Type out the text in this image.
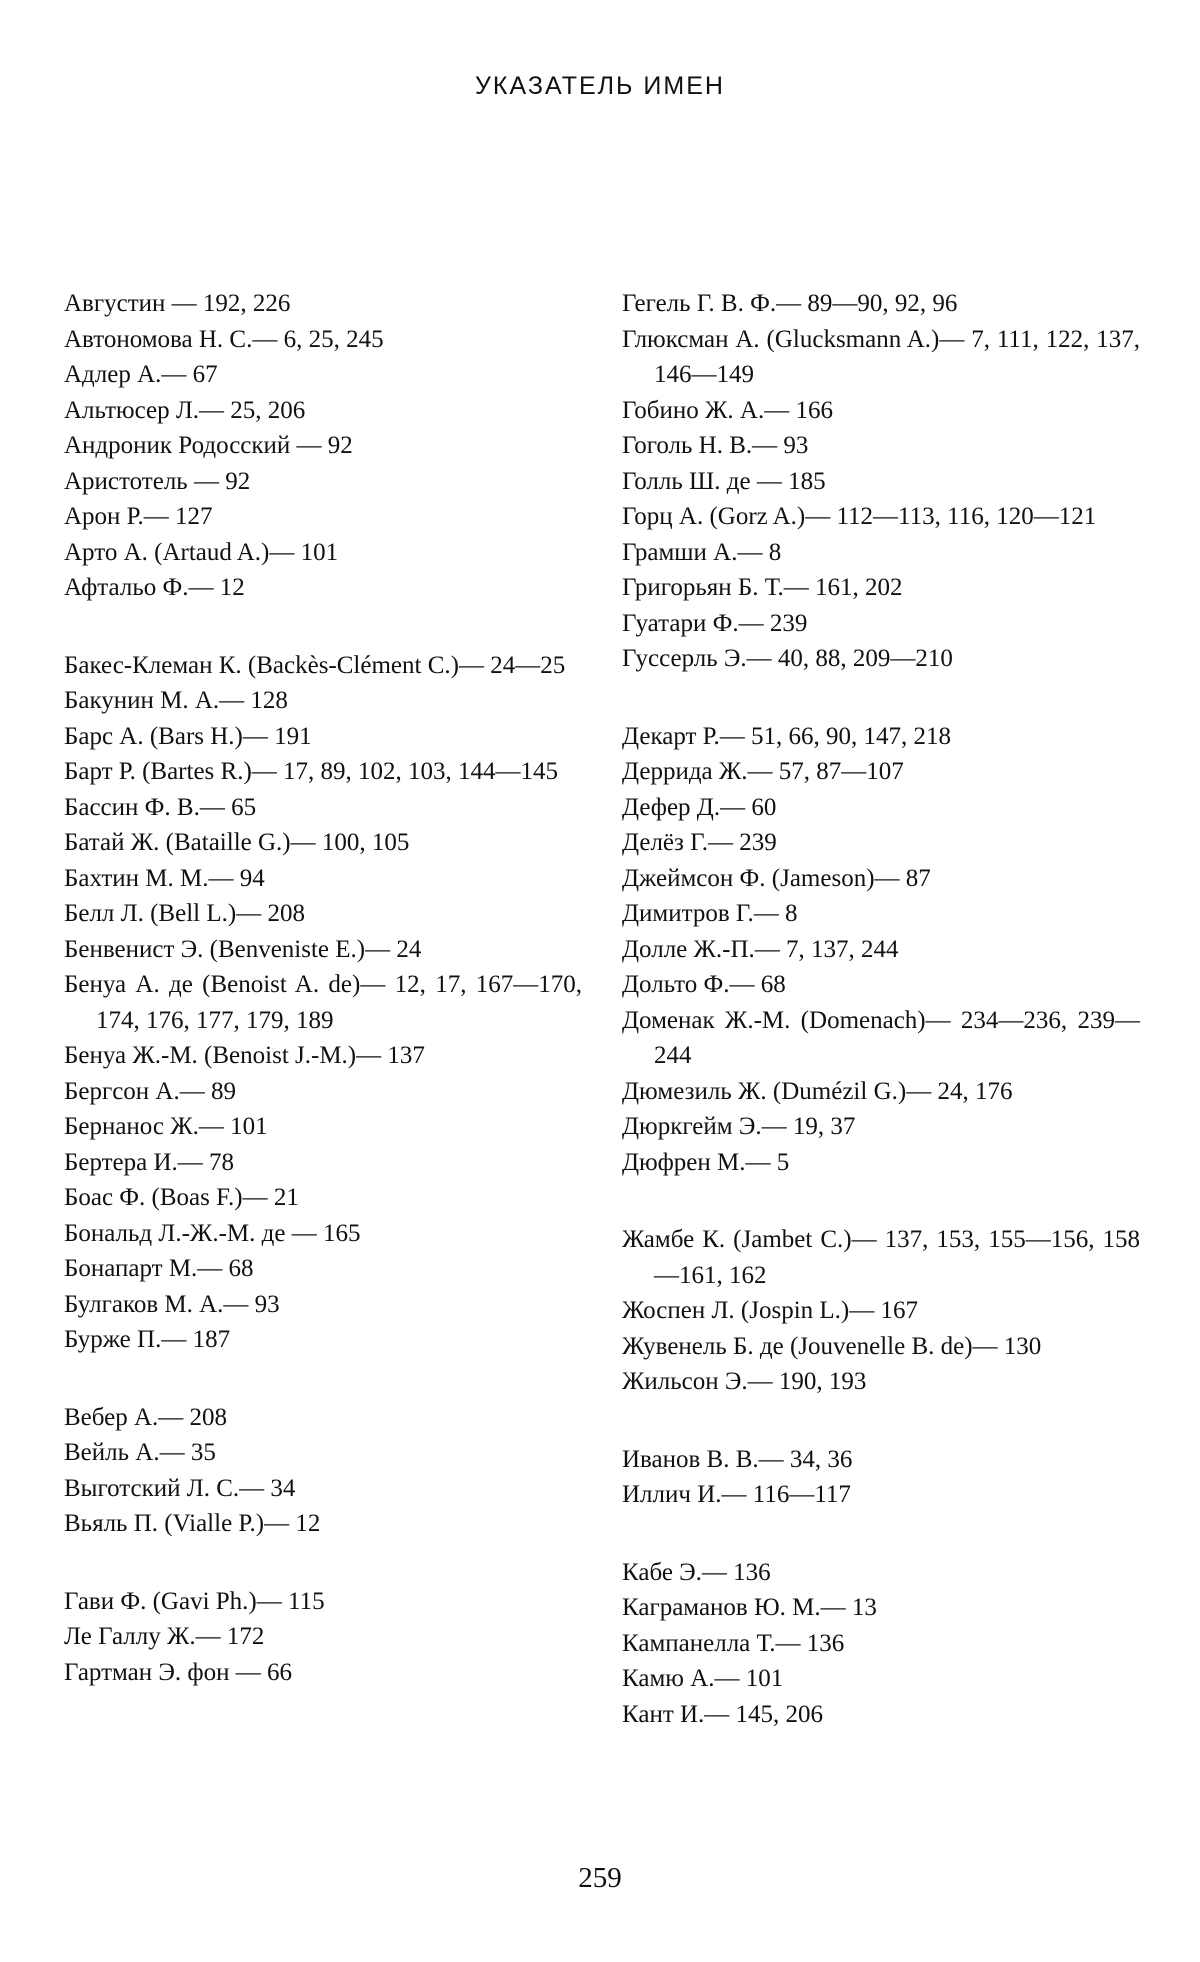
УКАЗАТЕЛЬ ИМЕН
Августин — 192, 226
Автономова Н. С.— 6, 25, 245
Адлер А.— 67
Альтюсер Л.— 25, 206
Андроник Родосский — 92
Аристотель — 92
Арон Р.— 127
Арто А. (Artaud A.)— 101
Афтальо Ф.— 12
Бакес-Клеман К. (Backès-Clément C.)— 24—25
Бакунин М. А.— 128
Барс А. (Bars H.)— 191
Барт Р. (Bartes R.)— 17, 89, 102, 103, 144—145
Бассин Ф. В.— 65
Батай Ж. (Bataille G.)— 100, 105
Бахтин М. М.— 94
Белл Л. (Bell L.)— 208
Бенвенист Э. (Benveniste E.)— 24
Бенуа А. де (Benoist A. de)— 12, 17, 167—170, 174, 176, 177, 179, 189
Бенуа Ж.-М. (Benoist J.-M.)— 137
Бергсон А.— 89
Бернанос Ж.— 101
Бертера И.— 78
Боас Ф. (Boas F.)— 21
Бональд Л.-Ж.-М. де — 165
Бонапарт М.— 68
Булгаков М. А.— 93
Бурже П.— 187
Вебер А.— 208
Вейль А.— 35
Выготский Л. С.— 34
Вьяль П. (Vialle P.)— 12
Гави Ф. (Gavi Ph.)— 115
Ле Галлу Ж.— 172
Гартман Э. фон — 66
Гегель Г. В. Ф.— 89—90, 92, 96
Глюксман А. (Glucksmann A.)— 7, 111, 122, 137, 146—149
Гобино Ж. А.— 166
Гоголь Н. В.— 93
Голль Ш. де — 185
Горц А. (Gorz A.)— 112—113, 116, 120—121
Грамши А.— 8
Григорьян Б. Т.— 161, 202
Гуатари Ф.— 239
Гуссерль Э.— 40, 88, 209—210
Декарт Р.— 51, 66, 90, 147, 218
Деррида Ж.— 57, 87—107
Дефер Д.— 60
Делёз Г.— 239
Джеймсон Ф. (Jameson)— 87
Димитров Г.— 8
Долле Ж.-П.— 7, 137, 244
Дольто Ф.— 68
Доменак Ж.-М. (Domenach)— 234—236, 239—244
Дюмезиль Ж. (Dumézil G.)— 24, 176
Дюркгейм Э.— 19, 37
Дюфрен М.— 5
Жамбе К. (Jambet C.)— 137, 153, 155—156, 158—161, 162
Жоспен Л. (Jospin L.)— 167
Жувенель Б. де (Jouvenelle B. de)— 130
Жильсон Э.— 190, 193
Иванов В. В.— 34, 36
Иллич И.— 116—117
Кабе Э.— 136
Каграманов Ю. М.— 13
Кампанелла Т.— 136
Камю А.— 101
Кант И.— 145, 206
259
